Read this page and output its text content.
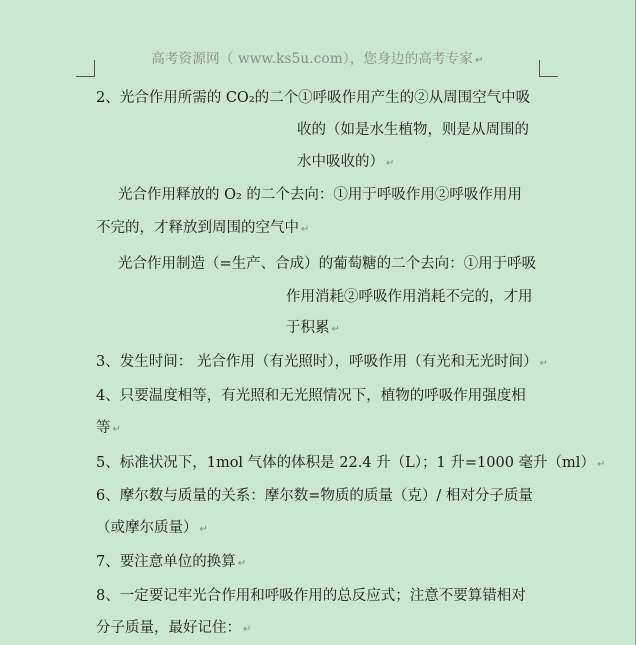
高考资源网（ www.ks5u.com），您身边的高考专家 ↵
2、光合作用所需的 CO₂的二个①呼吸作用产生的②从周围空气中吸
收的（如是水生植物，则是从周围的
水中吸收的） ↵
光合作用释放的 O₂ 的二个去向：①用于呼吸作用②呼吸作用用
不完的，才释放到周围的空气中 ↵
光合作用制造（=生产、合成）的葡萄糖的二个去向：①用于呼吸
作用消耗②呼吸作用消耗不完的，才用
于积累 ↵
3、发生时间： 光合作用（有光照时），呼吸作用（有光和无光时间） ↵
4、只要温度相等，有光照和无光照情况下，植物的呼吸作用强度相
等 ↵
5、标准状况下，1mol 气体的体积是 22.4 升（L）；1 升=1000 毫升（ml） ↵
6、摩尔数与质量的关系：摩尔数=物质的质量（克）/ 相对分子质量
（或摩尔质量） ↵
7、要注意单位的换算 ↵
8、一定要记牢光合作用和呼吸作用的总反应式；注意不要算错相对
分子质量，最好记住： ↵
